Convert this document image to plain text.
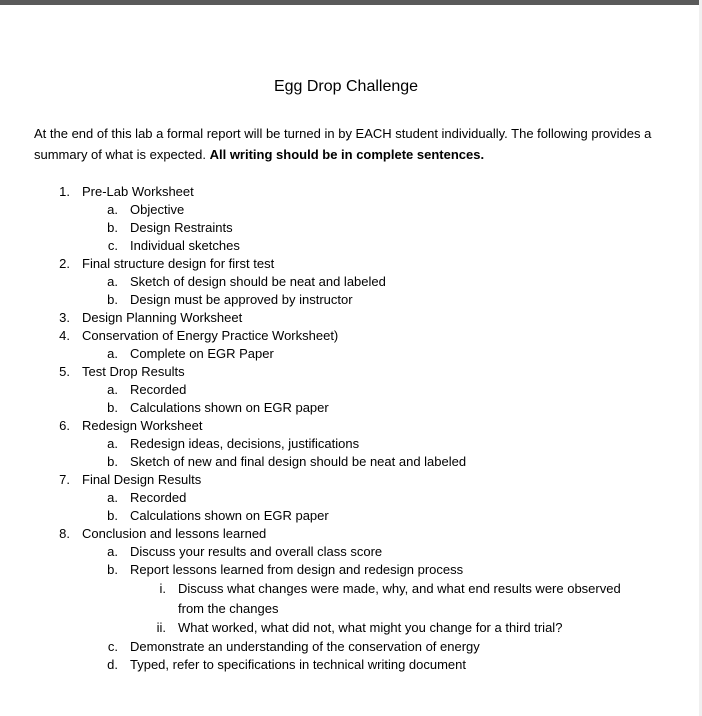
Egg Drop Challenge
At the end of this lab a formal report will be turned in by EACH student individually. The following provides a summary of what is expected. All writing should be in complete sentences.
1. Pre-Lab Worksheet
a. Objective
b. Design Restraints
c. Individual sketches
2. Final structure design for first test
a. Sketch of design should be neat and labeled
b. Design must be approved by instructor
3. Design Planning Worksheet
4. Conservation of Energy Practice Worksheet)
a. Complete on EGR Paper
5. Test Drop Results
a. Recorded
b. Calculations shown on EGR paper
6. Redesign Worksheet
a. Redesign ideas, decisions, justifications
b. Sketch of new and final design should be neat and labeled
7. Final Design Results
a. Recorded
b. Calculations shown on EGR paper
8. Conclusion and lessons learned
a. Discuss your results and overall class score
b. Report lessons learned from design and redesign process
i. Discuss what changes were made, why, and what end results were observed
from the changes
ii. What worked, what did not, what might you change for a third trial?
c. Demonstrate an understanding of the conservation of energy
d. Typed, refer to specifications in technical writing document
